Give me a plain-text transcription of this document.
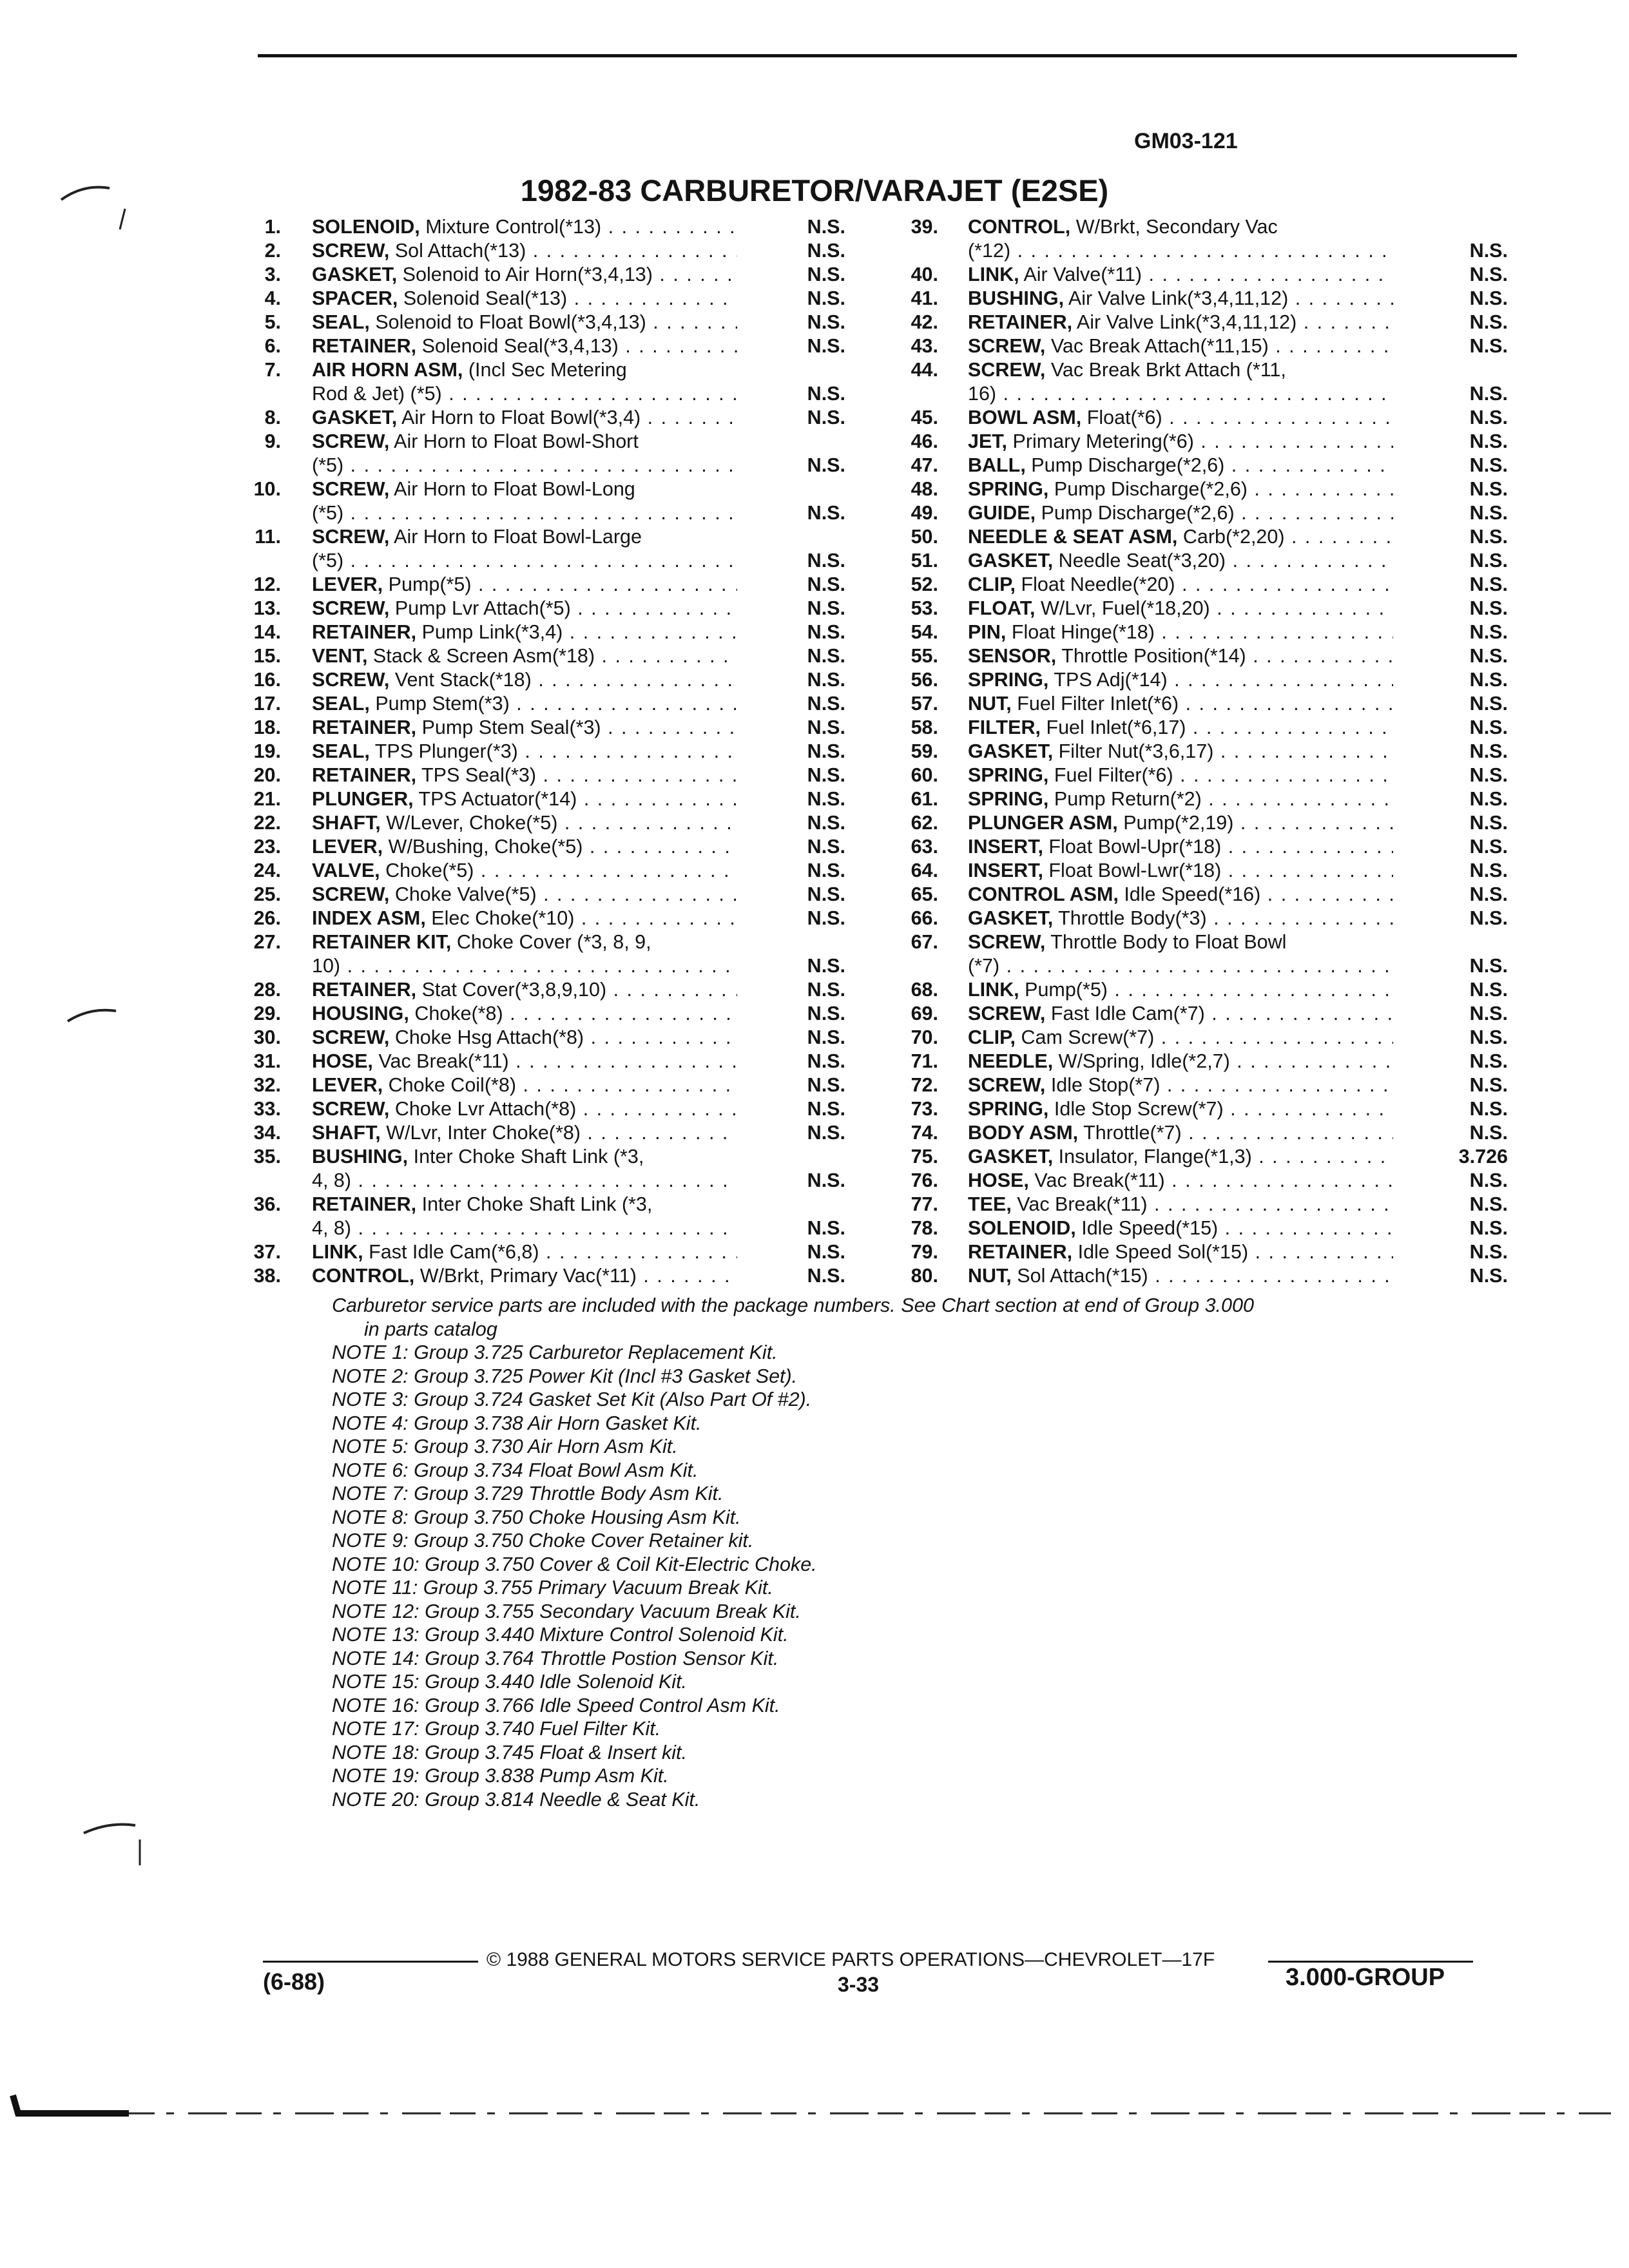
GM03-121
1982-83 CARBURETOR/VARAJET (E2SE)
1. SOLENOID, Mixture Control(*13) . . .	N.S.
2. SCREW, Sol Attach(*13) . . .	N.S.
3. GASKET, Solenoid to Air Horn(*3,4,13) . . .	N.S.
4. SPACER, Solenoid Seal(*13) . . .	N.S.
5. SEAL, Solenoid to Float Bowl(*3,4,13) . . .	N.S.
6. RETAINER, Solenoid Seal(*3,4,13) . . .	N.S.
7. AIR HORN ASM, (Incl Sec Metering
Rod & Jet) (*5) . . .	N.S.
8. GASKET, Air Horn to Float Bowl(*3,4) . . .	N.S.
9. SCREW, Air Horn to Float Bowl-Short
(*5) . . .	N.S.
10. SCREW, Air Horn to Float Bowl-Long
(*5) . . .	N.S.
11. SCREW, Air Horn to Float Bowl-Large
(*5) . . .	N.S.
12. LEVER, Pump(*5) . . .	N.S.
13. SCREW, Pump Lvr Attach(*5) . . .	N.S.
14. RETAINER, Pump Link(*3,4) . . .	N.S.
15. VENT, Stack & Screen Asm(*18) . . .	N.S.
16. SCREW, Vent Stack(*18) . . .	N.S.
17. SEAL, Pump Stem(*3) . . .	N.S.
18. RETAINER, Pump Stem Seal(*3) . . .	N.S.
19. SEAL, TPS Plunger(*3) . . .	N.S.
20. RETAINER, TPS Seal(*3) . . .	N.S.
21. PLUNGER, TPS Actuator(*14) . . .	N.S.
22. SHAFT, W/Lever, Choke(*5) . . .	N.S.
23. LEVER, W/Bushing, Choke(*5) . . .	N.S.
24. VALVE, Choke(*5) . . .	N.S.
25. SCREW, Choke Valve(*5) . . .	N.S.
26. INDEX ASM, Elec Choke(*10) . . .	N.S.
27. RETAINER KIT, Choke Cover (*3, 8, 9,
10) . . .	N.S.
28. RETAINER, Stat Cover(*3,8,9,10) . . .	N.S.
29. HOUSING, Choke(*8) . . .	N.S.
30. SCREW, Choke Hsg Attach(*8) . . .	N.S.
31. HOSE, Vac Break(*11) . . .	N.S.
32. LEVER, Choke Coil(*8) . . .	N.S.
33. SCREW, Choke Lvr Attach(*8) . . .	N.S.
34. SHAFT, W/Lvr, Inter Choke(*8) . . .	N.S.
35. BUSHING, Inter Choke Shaft Link (*3,
4, 8) . . .	N.S.
36. RETAINER, Inter Choke Shaft Link (*3,
4, 8) . . .	N.S.
37. LINK, Fast Idle Cam(*6,8) . . .	N.S.
38. CONTROL, W/Brkt, Primary Vac(*11) . . .	N.S.
39. CONTROL, W/Brkt, Secondary Vac
(*12) . . .	N.S.
40. LINK, Air Valve(*11) . . .	N.S.
41. BUSHING, Air Valve Link(*3,4,11,12) . . .	N.S.
42. RETAINER, Air Valve Link(*3,4,11,12) . . .	N.S.
43. SCREW, Vac Break Attach(*11,15) . . .	N.S.
44. SCREW, Vac Break Brkt Attach (*11,
16) . . .	N.S.
45. BOWL ASM, Float(*6) . . .	N.S.
46. JET, Primary Metering(*6) . . .	N.S.
47. BALL, Pump Discharge(*2,6) . . .	N.S.
48. SPRING, Pump Discharge(*2,6) . . .	N.S.
49. GUIDE, Pump Discharge(*2,6) . . .	N.S.
50. NEEDLE & SEAT ASM, Carb(*2,20) . . .	N.S.
51. GASKET, Needle Seat(*3,20) . . .	N.S.
52. CLIP, Float Needle(*20) . . .	N.S.
53. FLOAT, W/Lvr, Fuel(*18,20) . . .	N.S.
54. PIN, Float Hinge(*18) . . .	N.S.
55. SENSOR, Throttle Position(*14) . . .	N.S.
56. SPRING, TPS Adj(*14) . . .	N.S.
57. NUT, Fuel Filter Inlet(*6) . . .	N.S.
58. FILTER, Fuel Inlet(*6,17) . . .	N.S.
59. GASKET, Filter Nut(*3,6,17) . . .	N.S.
60. SPRING, Fuel Filter(*6) . . .	N.S.
61. SPRING, Pump Return(*2) . . .	N.S.
62. PLUNGER ASM, Pump(*2,19) . . .	N.S.
63. INSERT, Float Bowl-Upr(*18) . . .	N.S.
64. INSERT, Float Bowl-Lwr(*18) . . .	N.S.
65. CONTROL ASM, Idle Speed(*16) . . .	N.S.
66. GASKET, Throttle Body(*3) . . .	N.S.
67. SCREW, Throttle Body to Float Bowl
(*7) . . .	N.S.
68. LINK, Pump(*5) . . .	N.S.
69. SCREW, Fast Idle Cam(*7) . . .	N.S.
70. CLIP, Cam Screw(*7) . . .	N.S.
71. NEEDLE, W/Spring, Idle(*2,7) . . .	N.S.
72. SCREW, Idle Stop(*7) . . .	N.S.
73. SPRING, Idle Stop Screw(*7) . . .	N.S.
74. BODY ASM, Throttle(*7) . . .	N.S.
75. GASKET, Insulator, Flange(*1,3) . . .	3.726
76. HOSE, Vac Break(*11) . . .	N.S.
77. TEE, Vac Break(*11) . . .	N.S.
78. SOLENOID, Idle Speed(*15) . . .	N.S.
79. RETAINER, Idle Speed Sol(*15) . . .	N.S.
80. NUT, Sol Attach(*15) . . .	N.S.
Carburetor service parts are included with the package numbers. See Chart section at end of Group 3.000
in parts catalog
NOTE 1: Group 3.725 Carburetor Replacement Kit.
NOTE 2: Group 3.725 Power Kit (Incl #3 Gasket Set).
NOTE 3: Group 3.724 Gasket Set Kit (Also Part Of #2).
NOTE 4: Group 3.738 Air Horn Gasket Kit.
NOTE 5: Group 3.730 Air Horn Asm Kit.
NOTE 6: Group 3.734 Float Bowl Asm Kit.
NOTE 7: Group 3.729 Throttle Body Asm Kit.
NOTE 8: Group 3.750 Choke Housing Asm Kit.
NOTE 9: Group 3.750 Choke Cover Retainer kit.
NOTE 10: Group 3.750 Cover & Coil Kit-Electric Choke.
NOTE 11: Group 3.755 Primary Vacuum Break Kit.
NOTE 12: Group 3.755 Secondary Vacuum Break Kit.
NOTE 13: Group 3.440 Mixture Control Solenoid Kit.
NOTE 14: Group 3.764 Throttle Postion Sensor Kit.
NOTE 15: Group 3.440 Idle Solenoid Kit.
NOTE 16: Group 3.766 Idle Speed Control Asm Kit.
NOTE 17: Group 3.740 Fuel Filter Kit.
NOTE 18: Group 3.745 Float & Insert kit.
NOTE 19: Group 3.838 Pump Asm Kit.
NOTE 20: Group 3.814 Needle & Seat Kit.
© 1988 GENERAL MOTORS SERVICE PARTS OPERATIONS—CHEVROLET—17F
(6-88)	3-33	3.000-GROUP
